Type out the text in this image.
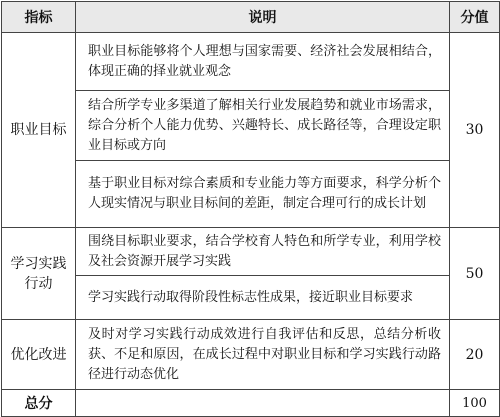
指标	说明	分值
职业目标	职业目标能够将个人理想与国家需要、经济社会发展相结合，体现正确的择业就业观念	30
	结合所学专业多渠道了解相关行业发展趋势和就业市场需求，综合分析个人能力优势、兴趣特长、成长路径等，合理设定职业目标或方向	
	基于职业目标对综合素质和专业能力等方面要求，科学分析个人现实情况与职业目标间的差距，制定合理可行的成长计划	
学习实践行动	围绕目标职业要求，结合学校育人特色和所学专业，利用学校及社会资源开展学习实践	50
	学习实践行动取得阶段性标志性成果，接近职业目标要求	
优化改进	及时对学习实践行动成效进行自我评估和反思，总结分析收获、不足和原因，在成长过程中对职业目标和学习实践行动路径进行动态优化	20
总分		100
